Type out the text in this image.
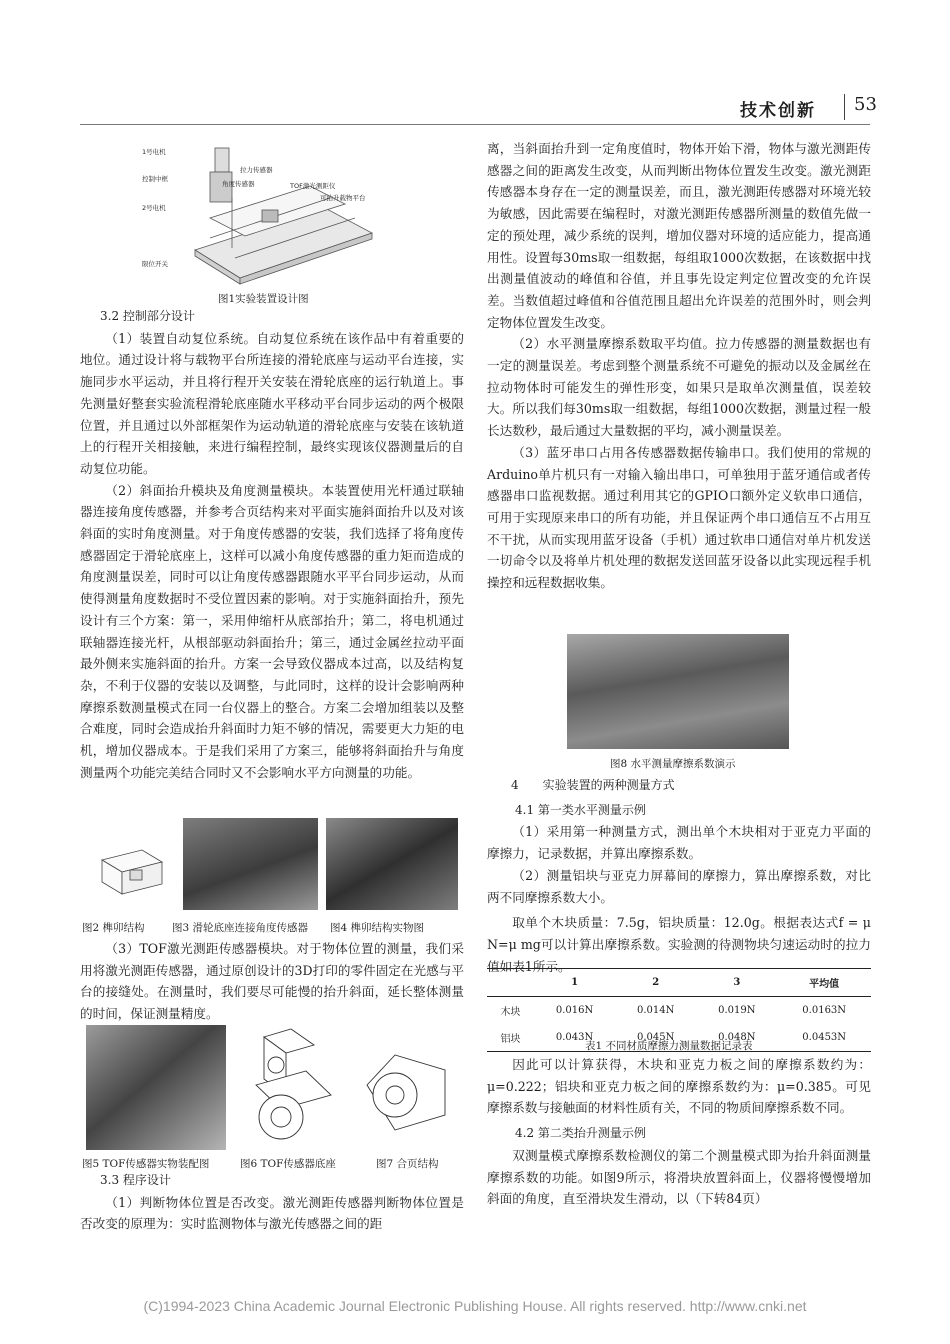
技术创新 53
1号电机
控制中框
2号电机
限位开关
拉力传感器
角度传感器	TOF激光测距仪
可抬升载物平台
图1实验装置设计图
3.2 控制部分设计

（1）装置自动复位系统。自动复位系统在该作品中有着重要的地位。通过设计将与载物平台所连接的滑轮底座与运动平台连接，实施同步水平运动，并且将行程开关安装在滑轮底座的运行轨道上。事先测量好整套实验流程滑轮底座随水平移动平台同步运动的两个极限位置，并且通过以外部框架作为运动轨道的滑轮底座与安装在该轨道上的行程开关相接触，来进行编程控制，最终实现该仪器测量后的自动复位功能。

（2）斜面抬升模块及角度测量模块。本装置使用光杆通过联轴器连接角度传感器，并参考合页结构来对平面实施斜面抬升以及对该斜面的实时角度测量。对于角度传感器的安装，我们选择了将角度传感器固定于滑轮底座上，这样可以减小角度传感器的重力矩而造成的角度测量误差，同时可以让角度传感器跟随水平平台同步运动，从而使得测量角度数据时不受位置因素的影响。对于实施斜面抬升，预先设计有三个方案：第一，采用伸缩杆从底部抬升；第二，将电机通过联轴器连接光杆，从根部驱动斜面抬升；第三，通过金属丝拉动平面最外侧来实施斜面的抬升。方案一会导致仪器成本过高，以及结构复杂，不利于仪器的安装以及调整，与此同时，这样的设计会影响两种摩擦系数测量模式在同一台仪器上的整合。方案二会增加组装以及整合难度，同时会造成抬升斜面时力矩不够的情况，需要更大力矩的电机，增加仪器成本。于是我们采用了方案三，能够将斜面抬升与角度测量两个功能完美结合同时又不会影响水平方向测量的功能。

图2 榫卯结构	图3 滑轮底座连接角度传感器 图4 榫卯结构实物图

（3）TOF激光测距传感器模块。对于物体位置的测量，我们采用将激光测距传感器，通过原创设计的3D打印的零件固定在光感与平台的接缝处。在测量时，我们要尽可能慢的抬升斜面，延长整体测量的时间，保证测量精度。

图5 TOF传感器实物装配图	图6 TOF传感器底座	图7 合页结构
3.3 程序设计

（1）判断物体位置是否改变。激光测距传感器判断物体位置是否改变的原理为：实时监测物体与激光传感器之间的距

离，当斜面抬升到一定角度值时，物体开始下滑，物体与激光测距传感器之间的距离发生改变，从而判断出物体位置发生改变。激光测距传感器本身存在一定的测量误差，而且，激光测距传感器对环境光较为敏感，因此需要在编程时，对激光测距传感器所测量的数值先做一定的预处理，减少系统的误判，增加仪器对环境的适应能力，提高通用性。设置每30ms取一组数据，每组取1000次数据，在该数据中找出测量值波动的峰值和谷值，并且事先设定判定位置改变的允许误差。当数值超过峰值和谷值范围且超出允许误差的范围外时，则会判定物体位置发生改变。

（2）水平测量摩擦系数取平均值。拉力传感器的测量数据也有一定的测量误差。考虑到整个测量系统不可避免的振动以及金属丝在拉动物体时可能发生的弹性形变，如果只是取单次测量值，误差较大。所以我们每30ms取一组数据，每组1000次数据，测量过程一般长达数秒，最后通过大量数据的平均，减小测量误差。

（3）蓝牙串口占用各传感器数据传输串口。我们使用的常规的Arduino单片机只有一对输入输出串口，可单独用于蓝牙通信或者传感器串口监视数据。通过利用其它的GPIO口额外定义软串口通信，可用于实现原来串口的所有功能，并且保证两个串口通信互不占用互不干扰，从而实现用蓝牙设备（手机）通过软串口通信对单片机发送一切命令以及将单片机处理的数据发送回蓝牙设备以此实现远程手机操控和远程数据收集。

图8 水平测量摩擦系数演示
4　　实验装置的两种测量方式
4.1 第一类水平测量示例

（1）采用第一种测量方式，测出单个木块相对于亚克力平面的摩擦力，记录数据，并算出摩擦系数。

（2）测量铝块与亚克力屏幕间的摩擦力，算出摩擦系数，对比两不同摩擦系数大小。

取单个木块质量：7.5g，铝块质量：12.0g。根据表达式f = μ N=μ mg可以计算出摩擦系数。实验测的待测物块匀速运动时的拉力值如表1所示。

	1	2	3	平均值
木块	0.016N	0.014N	0.019N	0.0163N
铝块	0.043N	0.045N	0.048N	0.0453N
表1 不同材质摩擦力测量数据记录表

因此可以计算获得，木块和亚克力板之间的摩擦系数约为：μ=0.222；铝块和亚克力板之间的摩擦系数约为：μ=0.385。可见摩擦系数与接触面的材料性质有关，不同的物质间摩擦系数不同。

4.2 第二类抬升测量示例

双测量模式摩擦系数检测仪的第二个测量模式即为抬升斜面测量摩擦系数的功能。如图9所示，将滑块放置斜面上，仪器将慢慢增加斜面的角度，直至滑块发生滑动，以（下转84页）

(C)1994-2023 China Academic Journal Electronic Publishing House. All rights reserved. http://www.cnki.net
